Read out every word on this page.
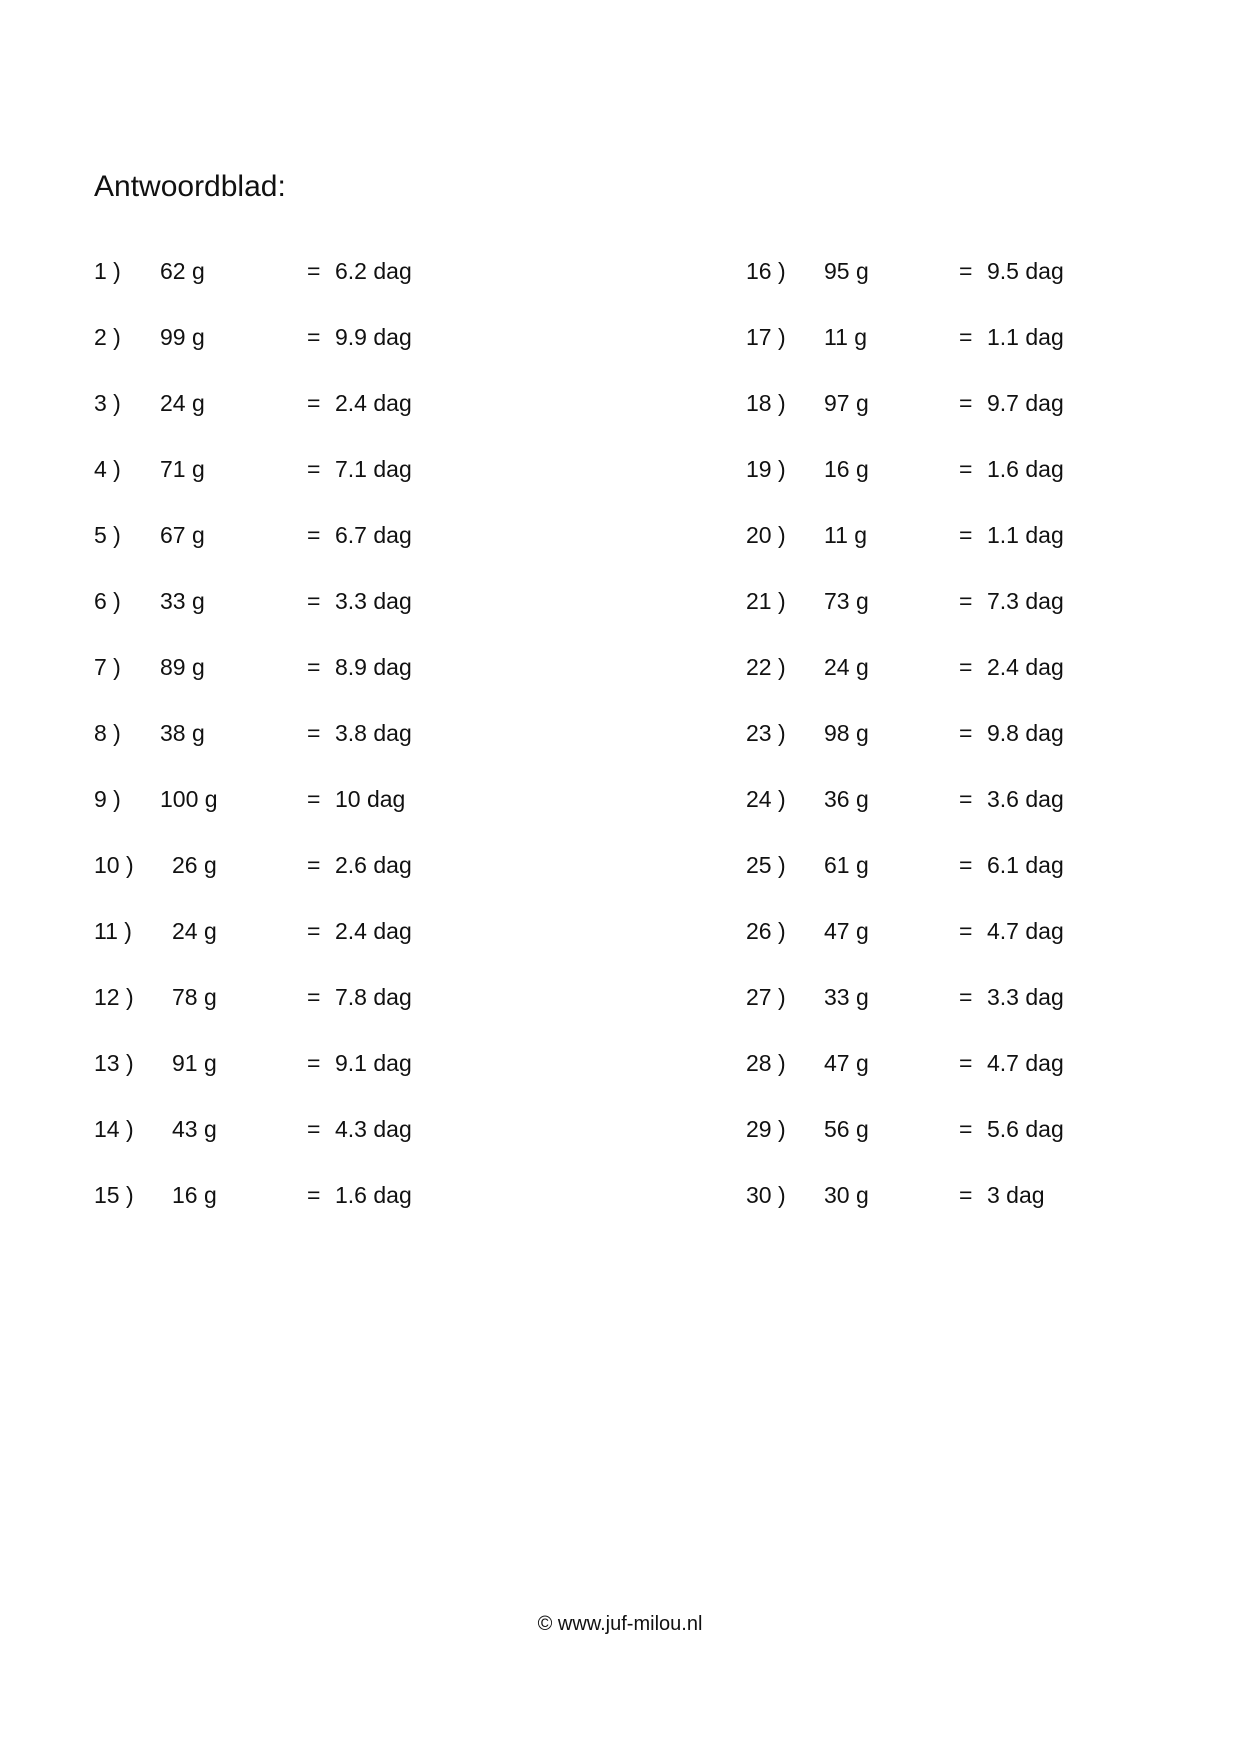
Antwoordblad:
1 ) 62 g	= 6.2 dag
2 ) 99 g	= 9.9 dag
3 ) 24 g	= 2.4 dag
4 ) 71 g	= 7.1 dag
5 ) 67 g	= 6.7 dag
6 ) 33 g	= 3.3 dag
7 ) 89 g	= 8.9 dag
8 ) 38 g	= 3.8 dag
9 ) 100 g	= 10 dag
10 ) 26 g	= 2.6 dag
11 ) 24 g	= 2.4 dag
12 ) 78 g	= 7.8 dag
13 ) 91 g	= 9.1 dag
14 ) 43 g	= 4.3 dag
15 ) 16 g	= 1.6 dag
16 ) 95 g	= 9.5 dag
17 ) 11 g	= 1.1 dag
18 ) 97 g	= 9.7 dag
19 ) 16 g	= 1.6 dag
20 ) 11 g	= 1.1 dag
21 ) 73 g	= 7.3 dag
22 ) 24 g	= 2.4 dag
23 ) 98 g	= 9.8 dag
24 ) 36 g	= 3.6 dag
25 ) 61 g	= 6.1 dag
26 ) 47 g	= 4.7 dag
27 ) 33 g	= 3.3 dag
28 ) 47 g	= 4.7 dag
29 ) 56 g	= 5.6 dag
30 ) 30 g	= 3 dag
© www.juf-milou.nl
